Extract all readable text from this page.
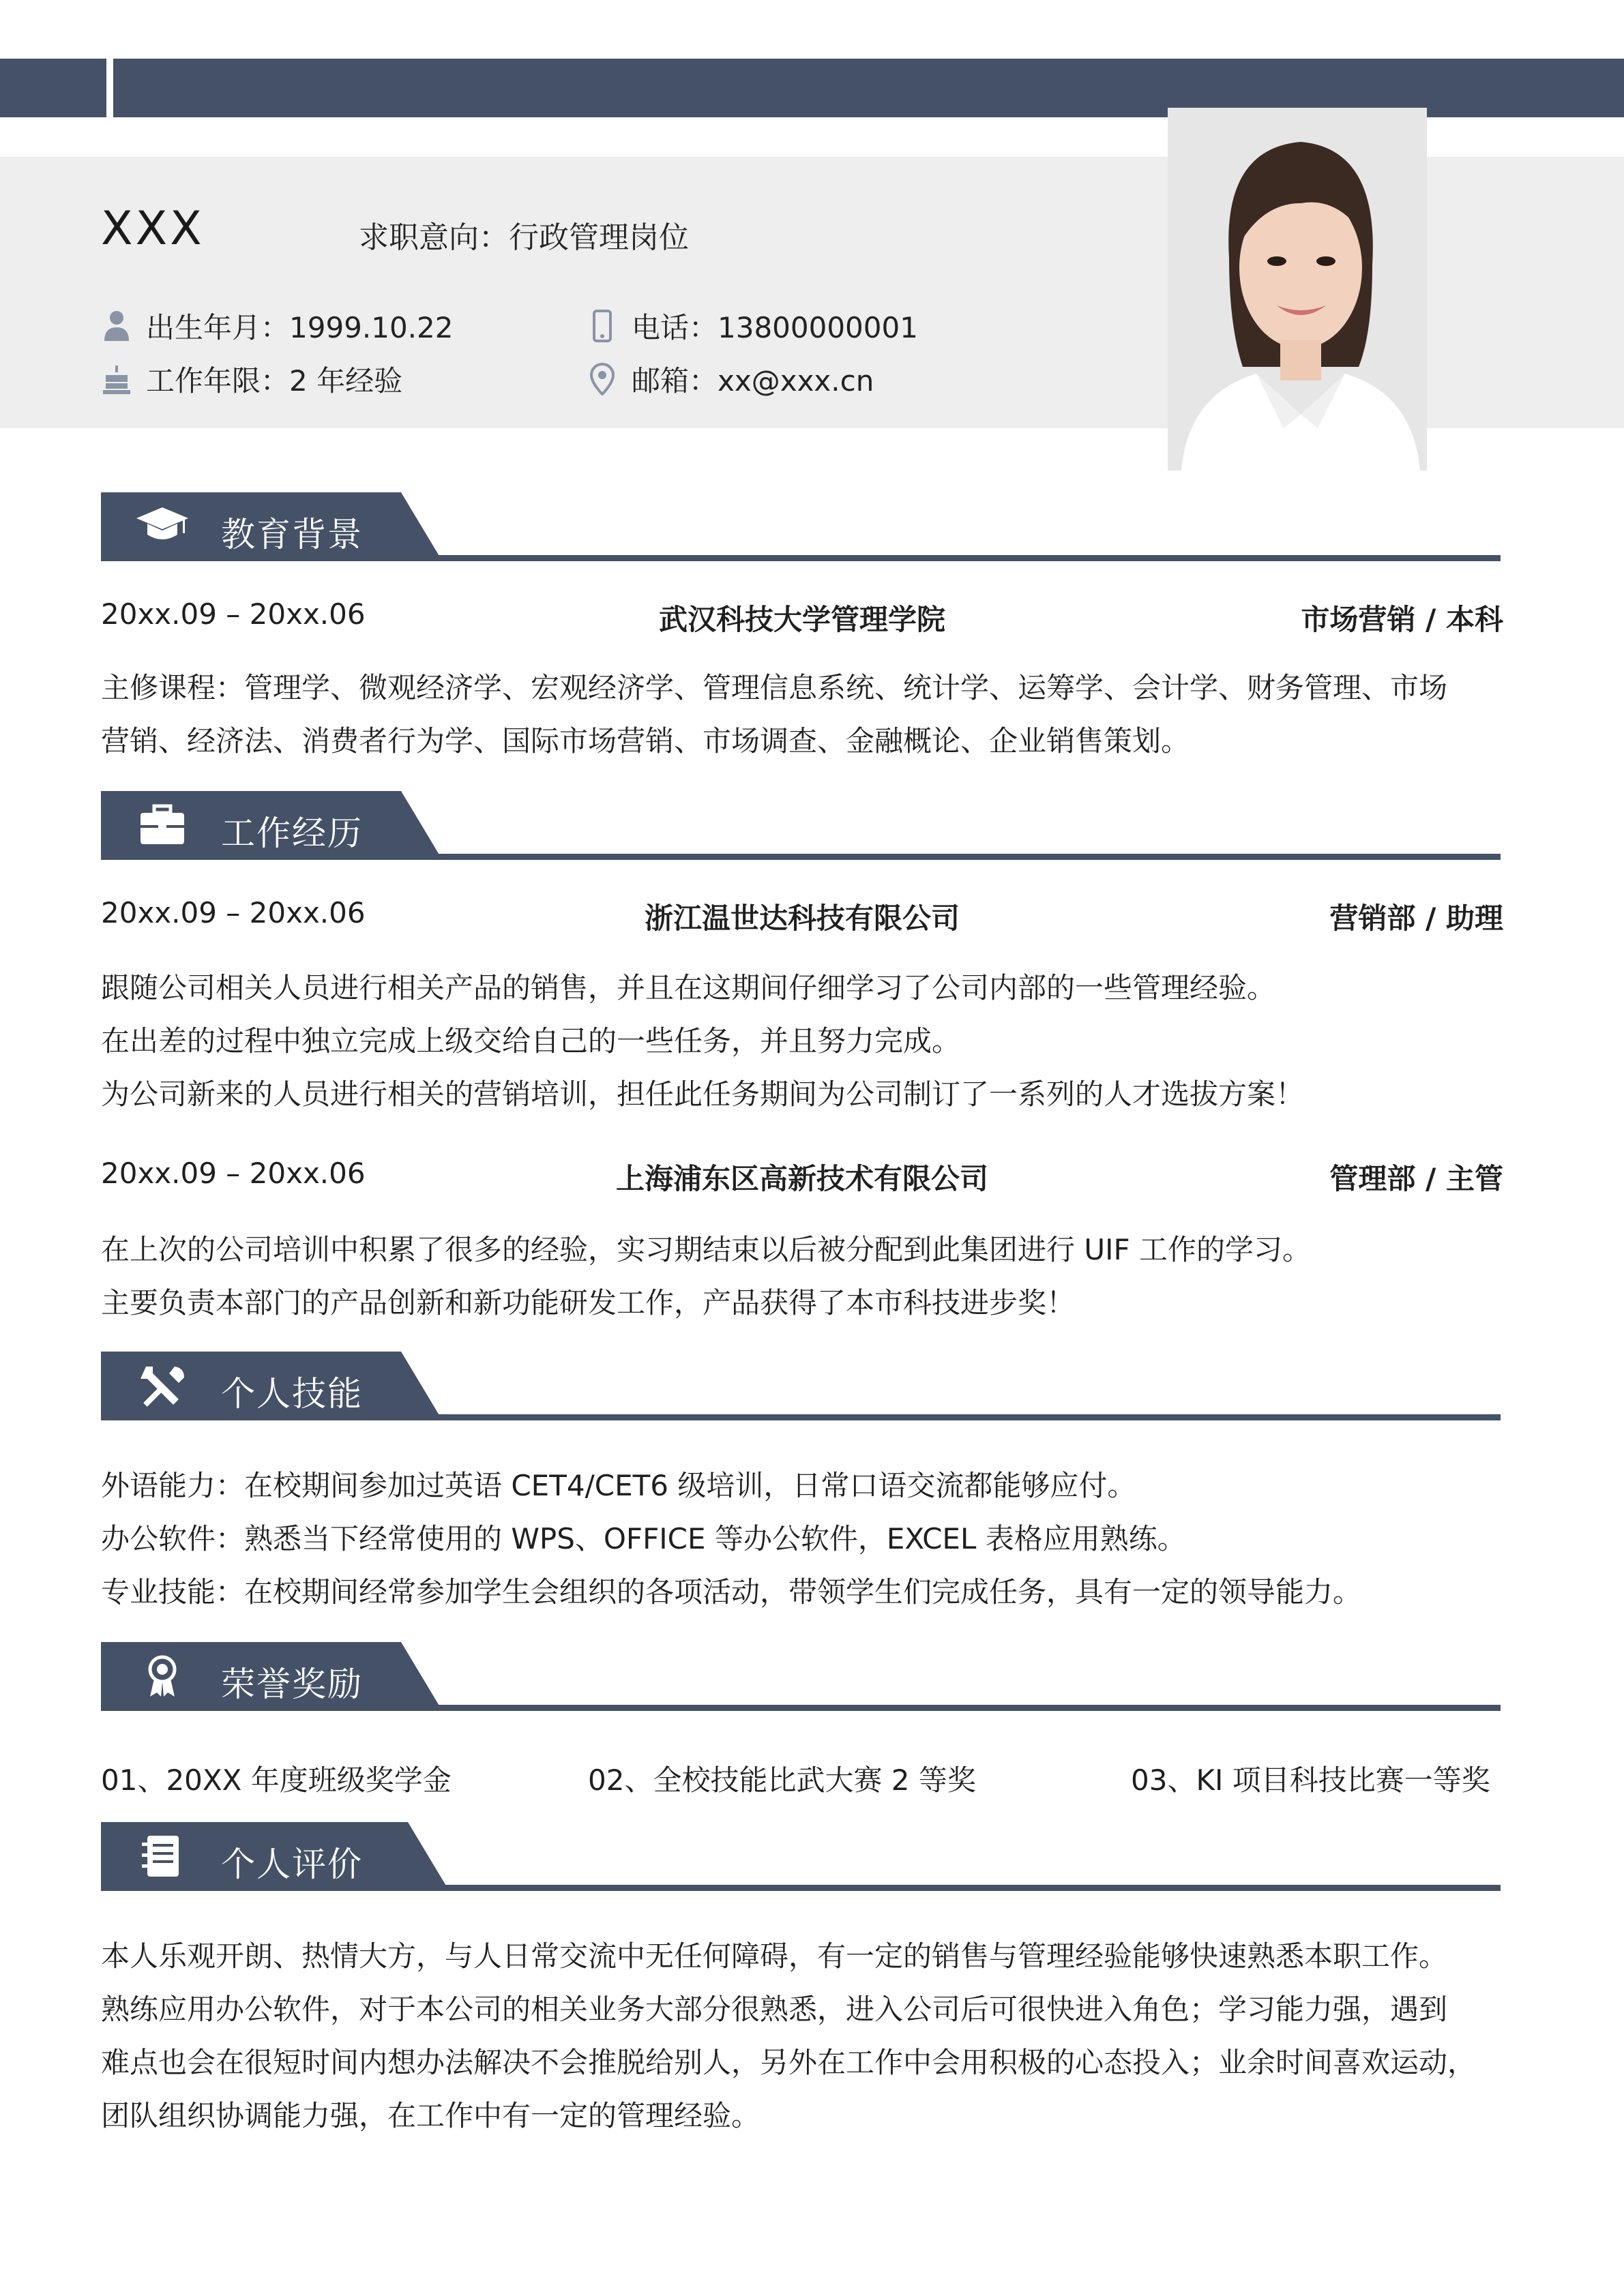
XXX	求职意向：行政管理岗位
出生年月：1999.10.22
工作年限：2 年经验
电话：13800000001
邮箱：xx@xxx.cn
教育背景
20xx.09 – 20xx.06	武汉科技大学管理学院	市场营销 / 本科
主修课程：管理学、微观经济学、宏观经济学、管理信息系统、统计学、运筹学、会计学、财务管理、市场
营销、经济法、消费者行为学、国际市场营销、市场调查、金融概论、企业销售策划。
工作经历
20xx.09 – 20xx.06	浙江温世达科技有限公司	营销部 / 助理
跟随公司相关人员进行相关产品的销售，并且在这期间仔细学习了公司内部的一些管理经验。
在出差的过程中独立完成上级交给自己的一些任务，并且努力完成。
为公司新来的人员进行相关的营销培训，担任此任务期间为公司制订了一系列的人才选拔方案！
20xx.09 – 20xx.06	上海浦东区高新技术有限公司	管理部 / 主管
在上次的公司培训中积累了很多的经验，实习期结束以后被分配到此集团进行 UIF 工作的学习。
主要负责本部门的产品创新和新功能研发工作，产品获得了本市科技进步奖！
个人技能
外语能力：在校期间参加过英语 CET4/CET6 级培训，日常口语交流都能够应付。
办公软件：熟悉当下经常使用的 WPS、OFFICE 等办公软件，EXCEL 表格应用熟练。
专业技能：在校期间经常参加学生会组织的各项活动，带领学生们完成任务，具有一定的领导能力。
荣誉奖励
01、20XX 年度班级奖学金	02、全校技能比武大赛 2 等奖	03、KI 项目科技比赛一等奖
个人评价
本人乐观开朗、热情大方，与人日常交流中无任何障碍，有一定的销售与管理经验能够快速熟悉本职工作。
熟练应用办公软件，对于本公司的相关业务大部分很熟悉，进入公司后可很快进入角色；学习能力强，遇到
难点也会在很短时间内想办法解决不会推脱给别人，另外在工作中会用积极的心态投入；业余时间喜欢运动，
团队组织协调能力强，在工作中有一定的管理经验。
